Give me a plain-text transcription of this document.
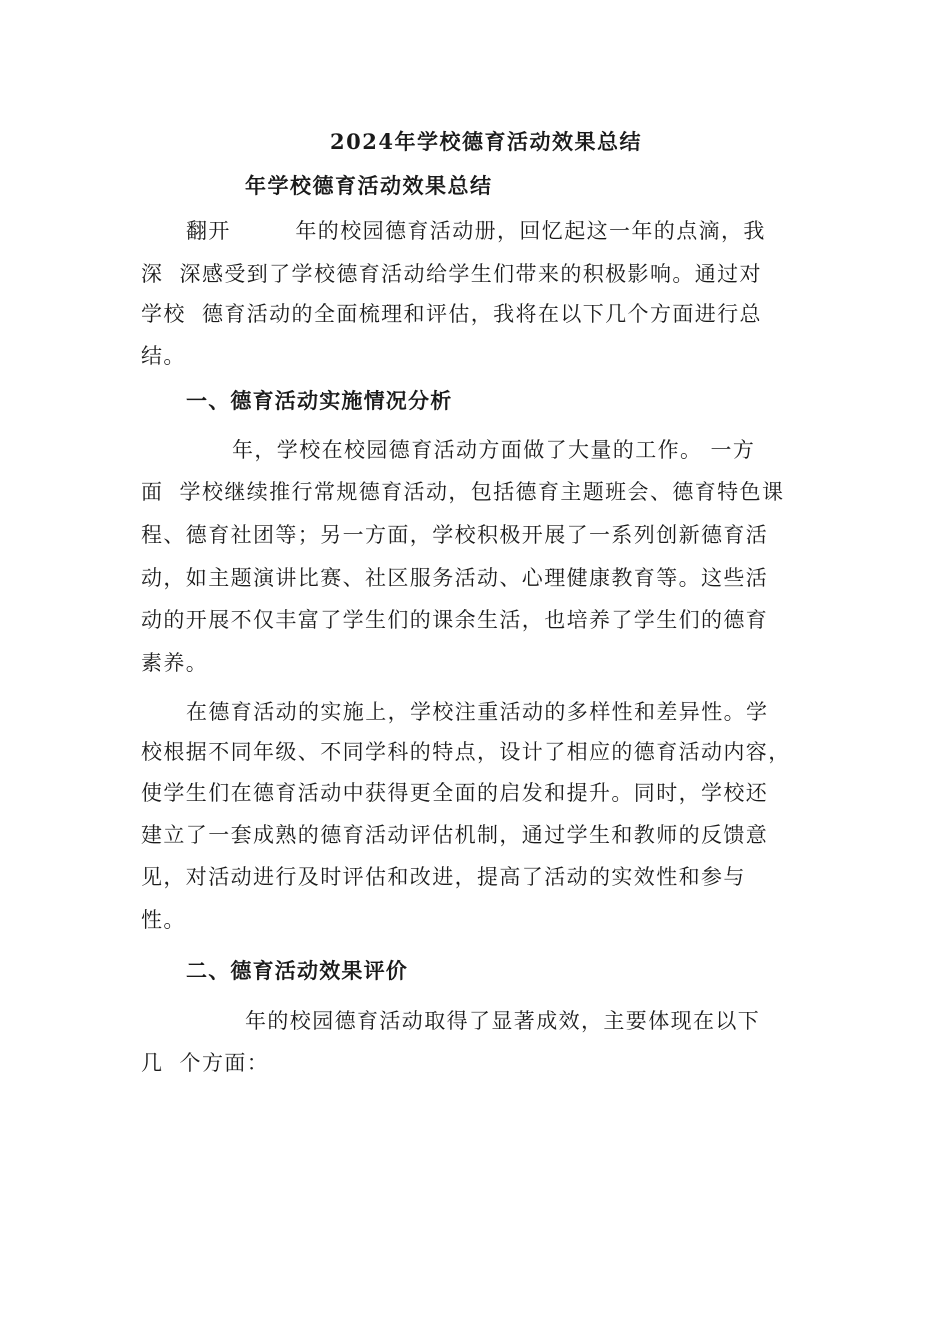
2024年学校德育活动效果总结
年学校德育活动效果总结
翻开        年的校园德育活动册，回忆起这一年的点滴，我
深  深感受到了学校德育活动给学生们带来的积极影响。通过对
学校  德育活动的全面梳理和评估，我将在以下几个方面进行总
结。
一、德育活动实施情况分析
年，学校在校园德育活动方面做了大量的工作。 一方
面  学校继续推行常规德育活动，包括德育主题班会、德育特色课
程、德育社团等；另一方面，学校积极开展了一系列创新德育活
动，如主题演讲比赛、社区服务活动、心理健康教育等。这些活
动的开展不仅丰富了学生们的课余生活，也培养了学生们的德育
素养。
在德育活动的实施上，学校注重活动的多样性和差异性。学
校根据不同年级、不同学科的特点，设计了相应的德育活动内容，
使学生们在德育活动中获得更全面的启发和提升。同时，学校还
建立了一套成熟的德育活动评估机制，通过学生和教师的反馈意
见，对活动进行及时评估和改进，提高了活动的实效性和参与
性。
二、德育活动效果评价
年的校园德育活动取得了显著成效，主要体现在以下
几  个方面：
